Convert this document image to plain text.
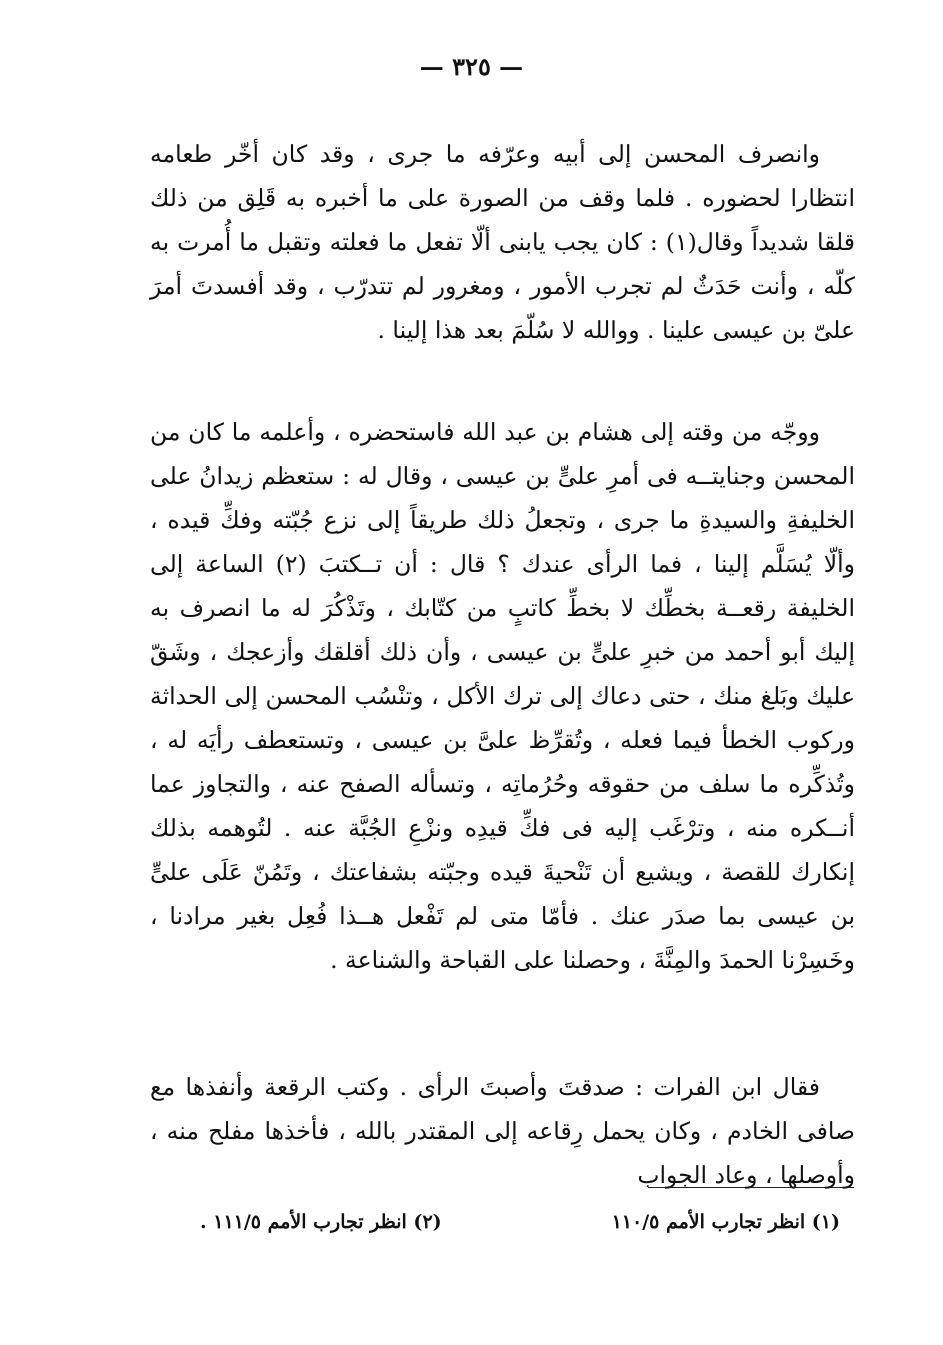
— ٣٢٥ —

وانصرف المحسن إلى أبيه وعرّفه ما جرى ، وقد كان أخّر طعامه انتظارا لحضوره . فلما وقف من الصورة على ما أخبره به قَلِق من ذلك قلقا شديداً وقال(١) : كان يجب يابنى ألّا تفعل ما فعلته وتقبل ما أُمرت به كلّه ، وأنت حَدَثٌ لم تجرب الأمور ، ومغرور لم تتدرّب ، وقد أفسدتَ أمرَ علىّ بن عيسى علينا . ووالله لا سُلّمَ بعد هذا إلينا .

ووجّه من وقته إلى هشام بن عبد الله فاستحضره ، وأعلمه ما كان من المحسن وجنايتــه فى أمرِ علىٍّ بن عيسى ، وقال له : ستعظم زيدانُ على الخليفةِ والسيدةِ ما جرى ، وتجعلُ ذلك طريقاً إلى نزع جُبّته وفكِّ قيده ، وألّا يُسَلَّم إلينا ، فما الرأى عندك ؟ قال : أن تــكتبَ (٢) الساعة إلى الخليفة رقعــة بخطِّك لا بخطِّ كاتبٍ من كتّابك ، وتَذْكُرَ له ما انصرف به إليك أبو أحمد من خبرِ علىٍّ بن عيسى ، وأن ذلك أقلقك وأزعجك ، وشَقّ عليك وبَلغ منك ، حتى دعاك إلى ترك الأكل ، وتنْسُب المحسن إلى الحداثة وركوب الخطأ فيما فعله ، وتُقرِّظ علىَّ بن عيسى ، وتستعطف رأيَه له ، وتُذكِّره ما سلف من حقوقه وحُرُماتِه ، وتسأله الصفح عنه ، والتجاوز عما أنــكره منه ، وترْغَب إليه فى فكِّ قيدِه ونزْعِ الجُبَّة عنه . لتُوهمه بذلك إنكارك للقصة ، ويشيع أن تَنْحيةَ قيده وجبّته بشفاعتك ، وتَمُنّ عَلَى علىٍّ بن عيسى بما صدَر عنك . فأمّا متى لم تَفْعل هــذا فُعِل بغير مرادنا ، وخَسِرْنا الحمدَ والمِنَّةَ ، وحصلنا على القباحة والشناعة .

فقال ابن الفرات : صدقتَ وأصبتَ الرأى . وكتب الرقعة وأنفذها مع صافى الخادم ، وكان يحمل رِقاعه إلى المقتدر بالله ، فأخذها مفلح منه ، وأوصلها ، وعاد الجواب

(١) انظر تجارب الأمم ١١٠/٥
(٢) انظر تجارب الأمم ١١١/٥ .
